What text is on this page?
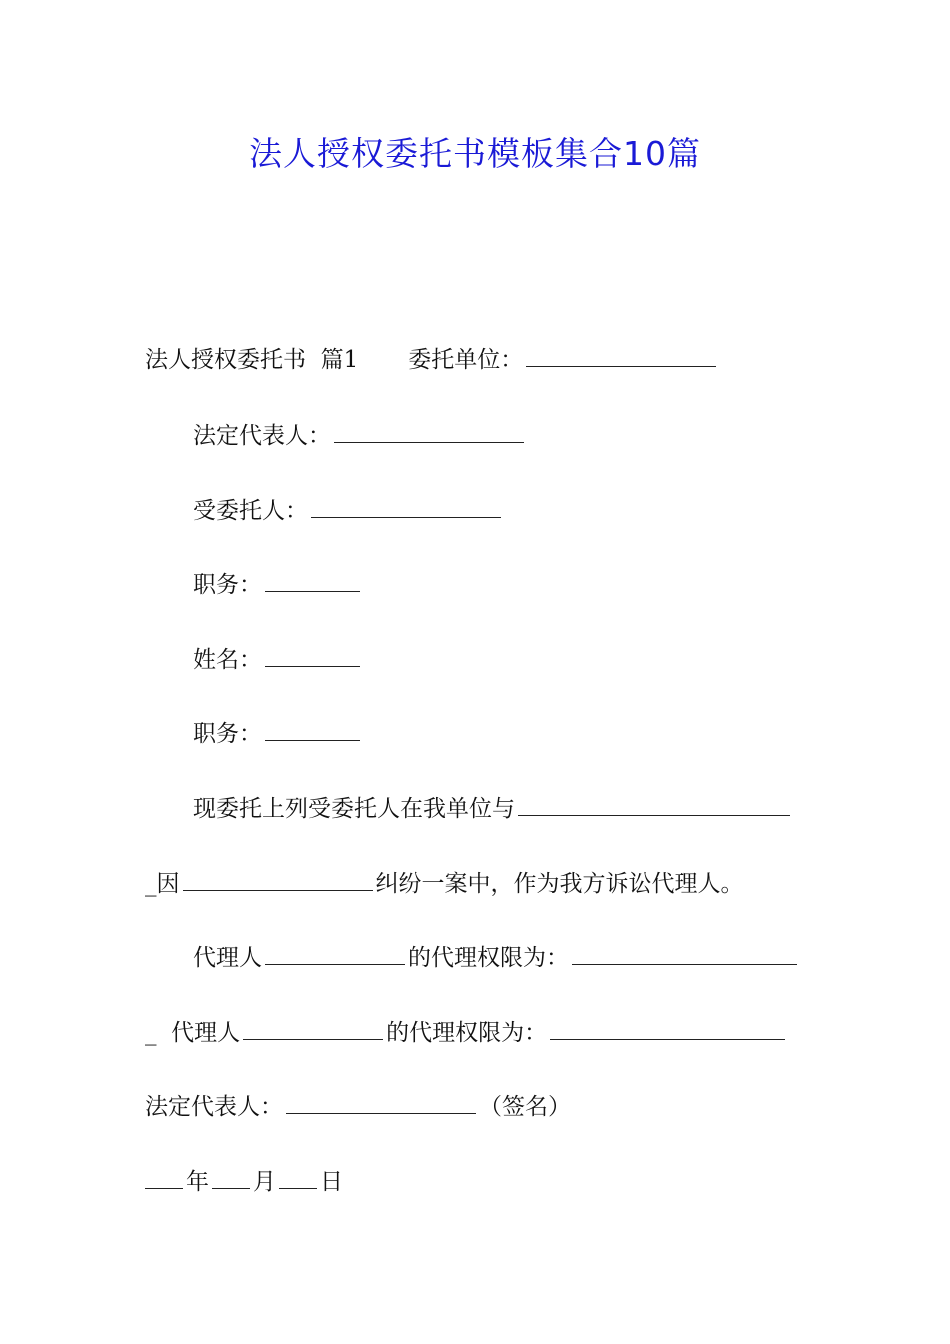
法人授权委托书模板集合10篇
法人授权委托书  篇1 委托单位：
法定代表人：
受委托人：
职务：
姓名：
职务：
现委托上列受委托人在我单位与
_因	纠纷一案中，作为我方诉讼代理人。
代理人	的代理权限为：
_  代理人	的代理权限为：
法定代表人：	（签名）
年 月 日
